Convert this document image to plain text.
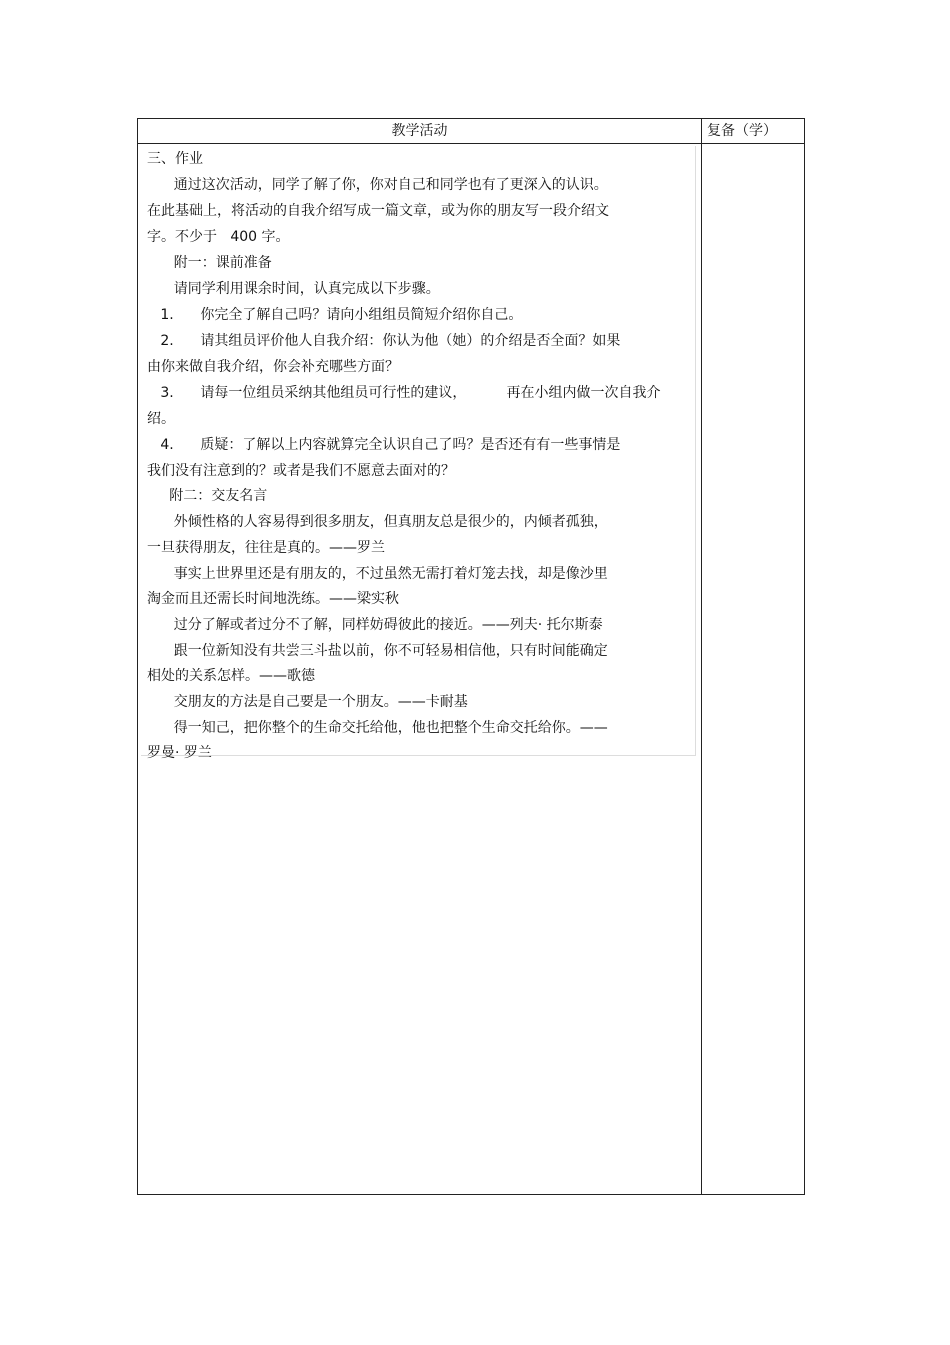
教学活动	复备（学）
三、作业
通过这次活动，同学了解了你，你对自己和同学也有了更深入的认识。
在此基础上，将活动的自我介绍写成一篇文章，或为你的朋友写一段介绍文
字。不少于   400 字。
附一：课前准备
请同学利用课余时间，认真完成以下步骤。
1.      你完全了解自己吗？请向小组组员简短介绍你自己。
2.      请其组员评价他人自我介绍：你认为他（她）的介绍是否全面？如果
由你来做自我介绍，你会补充哪些方面？
3.      请每一位组员采纳其他组员可行性的建议，         再在小组内做一次自我介
绍。
4.      质疑：了解以上内容就算完全认识自己了吗？是否还有有一些事情是
我们没有注意到的？或者是我们不愿意去面对的？
附二：交友名言
外倾性格的人容易得到很多朋友，但真朋友总是很少的，内倾者孤独，
一旦获得朋友，往往是真的。——罗兰
事实上世界里还是有朋友的，不过虽然无需打着灯笼去找，却是像沙里
淘金而且还需长时间地洗练。——梁实秋
过分了解或者过分不了解，同样妨碍彼此的接近。——列夫· 托尔斯泰
跟一位新知没有共尝三斗盐以前，你不可轻易相信他，只有时间能确定
相处的关系怎样。——歌德
交朋友的方法是自己要是一个朋友。——卡耐基
得一知己，把你整个的生命交托给他，他也把整个生命交托给你。——
罗曼· 罗兰
